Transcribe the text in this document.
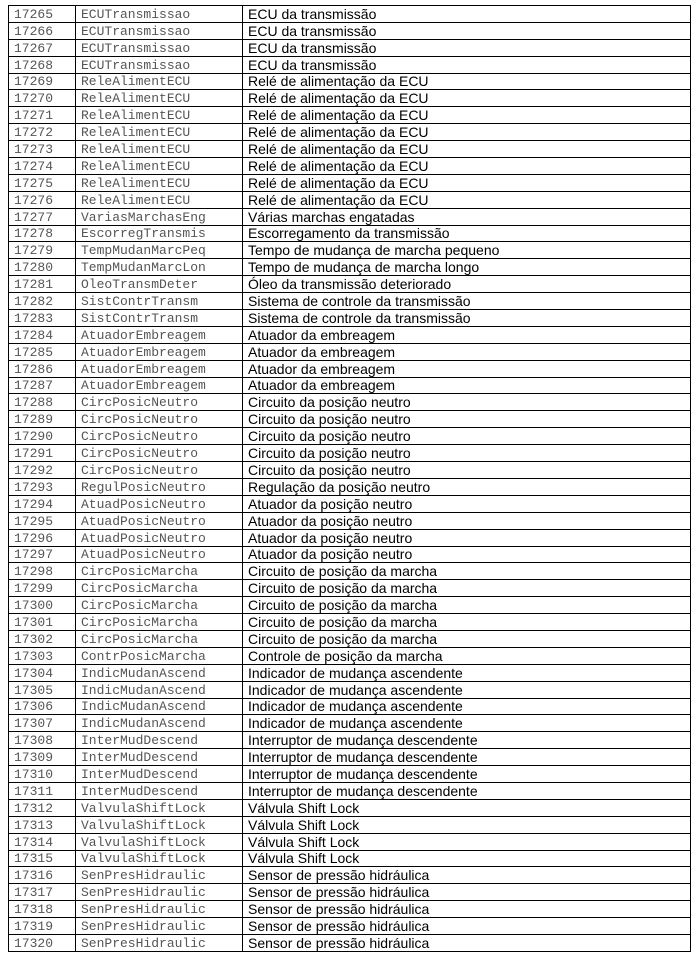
17265	ECUTransmissao	ECU da transmissão
17266	ECUTransmissao	ECU da transmissão
17267	ECUTransmissao	ECU da transmissão
17268	ECUTransmissao	ECU da transmissão
17269	ReleAlimentECU	Relé de alimentação da ECU
17270	ReleAlimentECU	Relé de alimentação da ECU
17271	ReleAlimentECU	Relé de alimentação da ECU
17272	ReleAlimentECU	Relé de alimentação da ECU
17273	ReleAlimentECU	Relé de alimentação da ECU
17274	ReleAlimentECU	Relé de alimentação da ECU
17275	ReleAlimentECU	Relé de alimentação da ECU
17276	ReleAlimentECU	Relé de alimentação da ECU
17277	VariasMarchasEng	Várias marchas engatadas
17278	EscorregTransmis	Escorregamento da transmissão
17279	TempMudanMarcPeq	Tempo de mudança de marcha pequeno
17280	TempMudanMarcLon	Tempo de mudança de marcha longo
17281	OleoTransmDeter	Óleo da transmissão deteriorado
17282	SistContrTransm	Sistema de controle da transmissão
17283	SistContrTransm	Sistema de controle da transmissão
17284	AtuadorEmbreagem	Atuador da embreagem
17285	AtuadorEmbreagem	Atuador da embreagem
17286	AtuadorEmbreagem	Atuador da embreagem
17287	AtuadorEmbreagem	Atuador da embreagem
17288	CircPosicNeutro	Circuito da posição neutro
17289	CircPosicNeutro	Circuito da posição neutro
17290	CircPosicNeutro	Circuito da posição neutro
17291	CircPosicNeutro	Circuito da posição neutro
17292	CircPosicNeutro	Circuito da posição neutro
17293	RegulPosicNeutro	Regulação da posição neutro
17294	AtuadPosicNeutro	Atuador da posição neutro
17295	AtuadPosicNeutro	Atuador da posição neutro
17296	AtuadPosicNeutro	Atuador da posição neutro
17297	AtuadPosicNeutro	Atuador da posição neutro
17298	CircPosicMarcha	Circuito de posição da marcha
17299	CircPosicMarcha	Circuito de posição da marcha
17300	CircPosicMarcha	Circuito de posição da marcha
17301	CircPosicMarcha	Circuito de posição da marcha
17302	CircPosicMarcha	Circuito de posição da marcha
17303	ContrPosicMarcha	Controle de posição da marcha
17304	IndicMudanAscend	Indicador de mudança ascendente
17305	IndicMudanAscend	Indicador de mudança ascendente
17306	IndicMudanAscend	Indicador de mudança ascendente
17307	IndicMudanAscend	Indicador de mudança ascendente
17308	InterMudDescend	Interruptor de mudança descendente
17309	InterMudDescend	Interruptor de mudança descendente
17310	InterMudDescend	Interruptor de mudança descendente
17311	InterMudDescend	Interruptor de mudança descendente
17312	ValvulaShiftLock	Válvula Shift Lock
17313	ValvulaShiftLock	Válvula Shift Lock
17314	ValvulaShiftLock	Válvula Shift Lock
17315	ValvulaShiftLock	Válvula Shift Lock
17316	SenPresHidraulic	Sensor de pressão hidráulica
17317	SenPresHidraulic	Sensor de pressão hidráulica
17318	SenPresHidraulic	Sensor de pressão hidráulica
17319	SenPresHidraulic	Sensor de pressão hidráulica
17320	SenPresHidraulic	Sensor de pressão hidráulica
